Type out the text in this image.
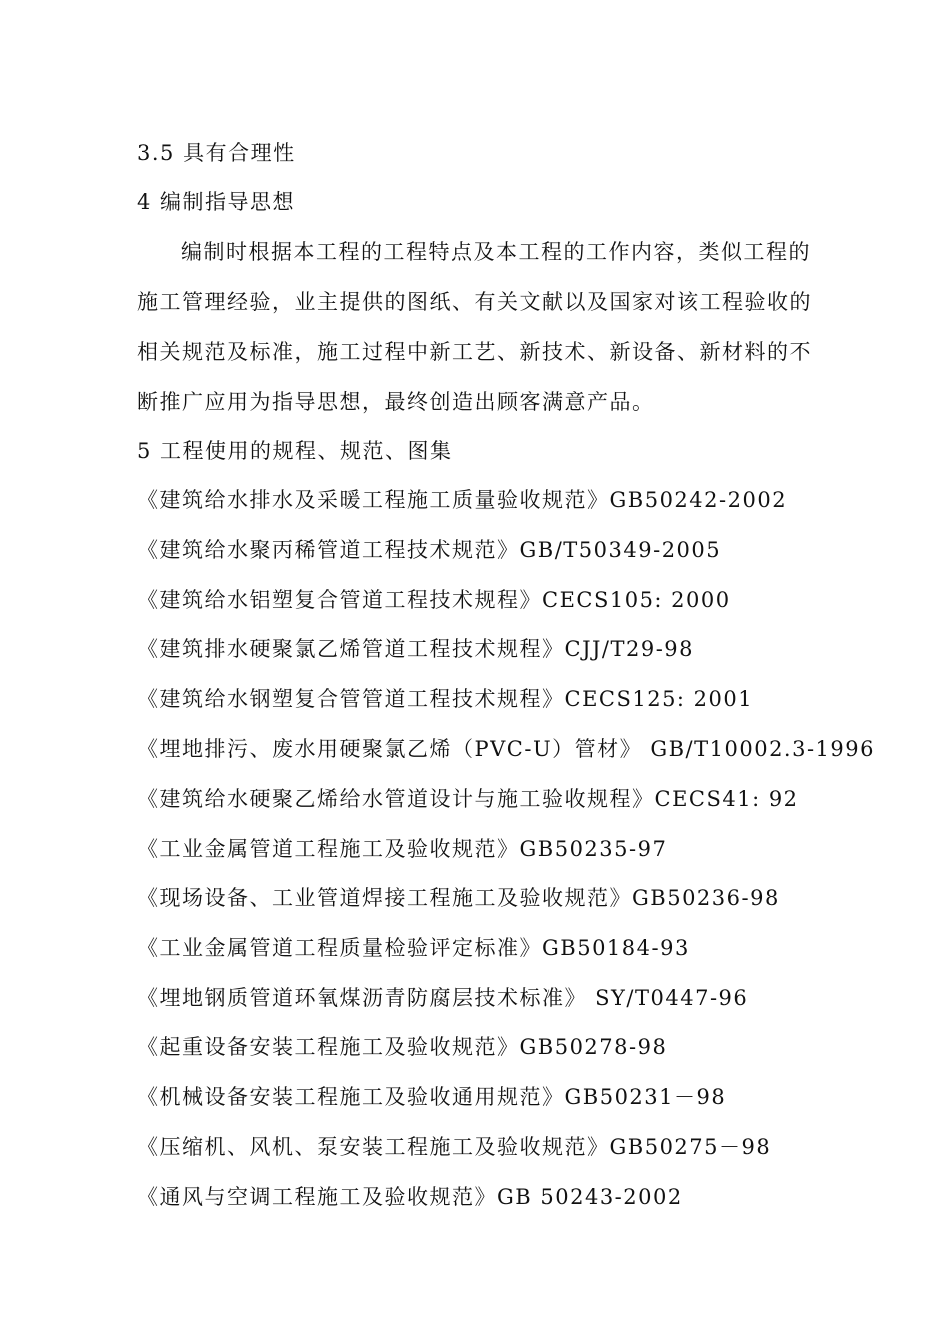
3.5 具有合理性
4 编制指导思想
编制时根据本工程的工程特点及本工程的工作内容，类似工程的
施工管理经验，业主提供的图纸、有关文献以及国家对该工程验收的
相关规范及标准，施工过程中新工艺、新技术、新设备、新材料的不
断推广应用为指导思想，最终创造出顾客满意产品。
5 工程使用的规程、规范、图集
《建筑给水排水及采暖工程施工质量验收规范》GB50242-2002
《建筑给水聚丙稀管道工程技术规范》GB/T50349-2005
《建筑给水铝塑复合管道工程技术规程》CECS105: 2000
《建筑排水硬聚氯乙烯管道工程技术规程》CJJ/T29-98
《建筑给水钢塑复合管管道工程技术规程》CECS125: 2001
《埋地排污、废水用硬聚氯乙烯（PVC-U）管材》 GB/T10002.3-1996
《建筑给水硬聚乙烯给水管道设计与施工验收规程》CECS41: 92
《工业金属管道工程施工及验收规范》GB50235-97
《现场设备、工业管道焊接工程施工及验收规范》GB50236-98
《工业金属管道工程质量检验评定标准》GB50184-93
《埋地钢质管道环氧煤沥青防腐层技术标准》 SY/T0447-96
《起重设备安装工程施工及验收规范》GB50278-98
《机械设备安装工程施工及验收通用规范》GB50231－98
《压缩机、风机、泵安装工程施工及验收规范》GB50275－98
《通风与空调工程施工及验收规范》GB 50243-2002
